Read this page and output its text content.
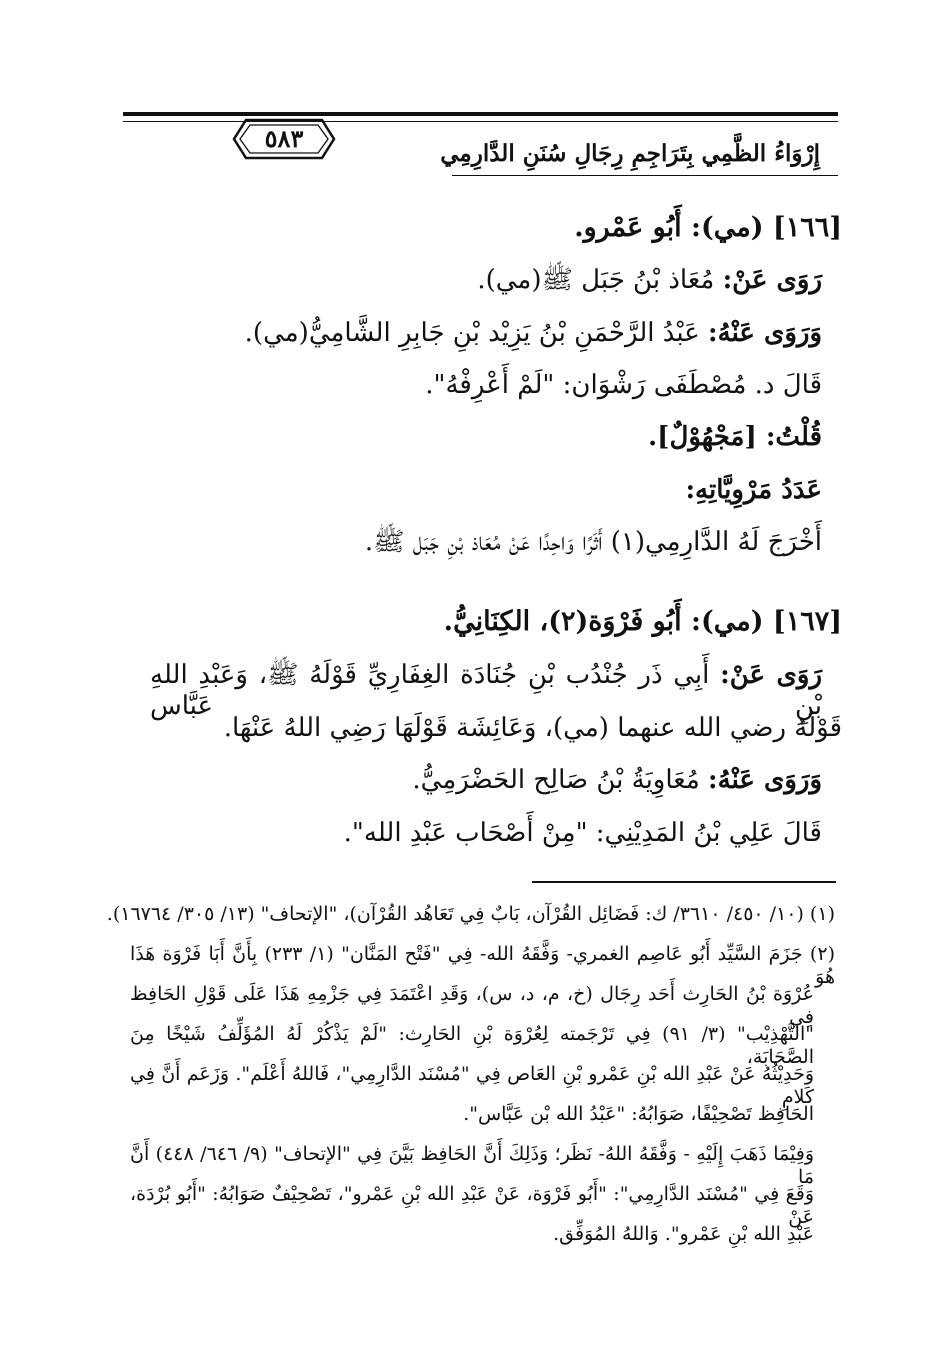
٥٨٣
إِرْوَاءُ الظَّمِي بِتَرَاجِمِ رِجَالِ سُنَنِ الدَّارِمِي
[١٦٦] (مي): أَبُو عَمْرو.
رَوَى عَنْ: مُعَاذ بْنُ جَبَل ﷺ(مي).
وَرَوَى عَنْهُ: عَبْدُ الرَّحْمَنِ بْنُ يَزِيْد بْنِ جَابِرِ الشَّامِيُّ(مي).
قَالَ د. مُصْطَفَى رَشْوَان: "لَمْ أَعْرِفْهُ".
قُلْتُ: [مَجْهُوْلٌ].
عَدَدُ مَرْوِيَّاتِهِ:
أَخْرَجَ لَهُ الدَّارِمِي(١) أَثَرًا وَاحِدًا عَنْ مُعَاذ بْنِ جَبَل ﷺ.
[١٦٧] (مي): أَبُو فَرْوَة(٢)، الكِنَانِيُّ.
رَوَى عَنْ: أَبِي ذَر جُنْدُب بْنِ جُنَادَة الغِفَارِيِّ قَوْلَهُ ﷺ، وَعَبْدِ اللهِ بْنِ عَبَّاس
قَوْلَهُ رضي الله عنهما (مي)، وَعَائِشَة قَوْلَهَا رَضِي اللهُ عَنْهَا.
وَرَوَى عَنْهُ: مُعَاوِيَةُ بْنُ صَالِح الحَضْرَمِيُّ.
قَالَ عَلِي بْنُ المَدِيْنِي: "مِنْ أَصْحَاب عَبْدِ الله".
(١) (١٠/ ٤٥٠/ ٣٦١٠/ ك: فَضَائِل القُرْآن، بَابٌ فِي تَعَاهُد القُرْآن)، "الإتحاف" (١٣/ ٣٠٥/ ١٦٧٦٤).
(٢) جَزَمَ السَّيِّد أَبُو عَاصِم الغمري- وَفَّقَهُ الله- فِي "فَتْح المَنَّان" (١/ ٢٣٣) بِأَنَّ أَبَا فَرْوَة هَذَا هُوَ
عُرْوَة بْنُ الحَارِث أَحَد رِجَال (خ، م، د، س)، وَقَدِ اعْتَمَدَ فِي جَزْمِهِ هَذَا عَلَى قَوْلِ الحَافِظ فِي
"التَّهْذِيْب" (٣/ ٩١) فِي تَرْجَمته لِعُرْوَة بْنِ الحَارِث: "لَمْ يَذْكُرْ لَهُ المُؤَلِّفُ شَيْخًا مِنَ الصَّحَابَة،
وَحَدِيْثُهُ عَنْ عَبْدِ الله بْنِ عَمْرو بْنِ العَاص فِي "مُسْنَد الدَّارِمِي"، فَاللهُ أَعْلَم". وَزَعَم أَنَّ فِي كَلامِ
الحَافِظ تَصْحِيْفًا، صَوَابُهُ: "عَبْدُ الله بْن عَبَّاس".
وَفِيْمَا ذَهَبَ إِلَيْهِ - وَفَّقَهُ اللهُ- نَظَر؛ وَذَلِكَ أَنَّ الحَافِظ بَيَّنَ فِي "الإتحاف" (٩/ ٦٤٦/ ٤٤٨) أَنَّ مَا
وَقَعَ فِي "مُسْنَد الدَّارِمِي": "أَبُو فَرْوَة، عَنْ عَبْدِ الله بْنِ عَمْرو"، تَصْحِيْفٌ صَوَابُهُ: "أَبُو بُرْدَة، عَنْ
عَبْدِ الله بْنِ عَمْرو". وَاللهُ المُوَفِّق.
